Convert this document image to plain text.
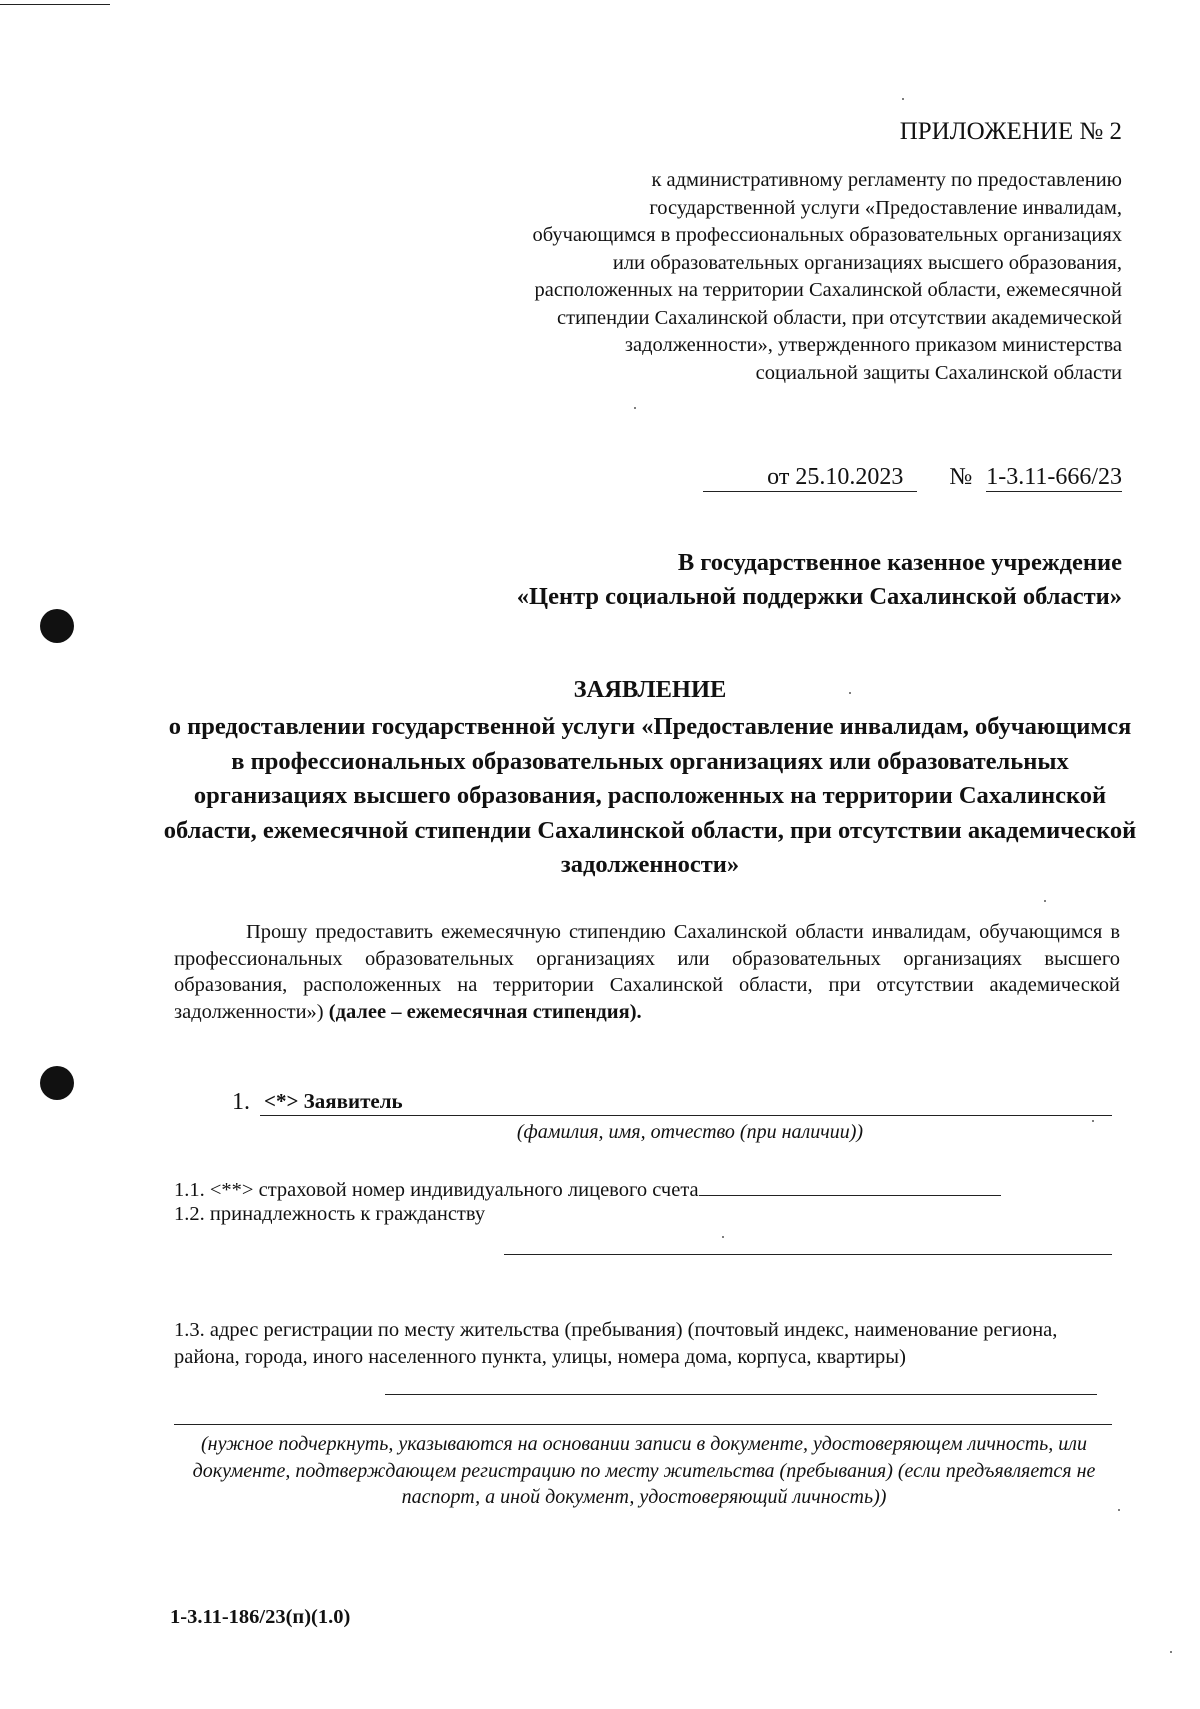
ПРИЛОЖЕНИЕ № 2
к административному регламенту по предоставлению государственной услуги «Предоставление инвалидам, обучающимся в профессиональных образовательных организациях или образовательных организациях высшего образования, расположенных на территории Сахалинской области, ежемесячной стипендии Сахалинской области, при отсутствии академической задолженности», утвержденного приказом министерства социальной защиты Сахалинской области
от 25.10.2023 № 1-3.11-666/23
В государственное казенное учреждение
«Центр социальной поддержки Сахалинской области»
ЗАЯВЛЕНИЕ
о предоставлении государственной услуги «Предоставление инвалидам, обучающимся в профессиональных образовательных организациях или образовательных организациях высшего образования, расположенных на территории Сахалинской области, ежемесячной стипендии Сахалинской области, при отсутствии академической задолженности»
Прошу предоставить ежемесячную стипендию Сахалинской области инвалидам, обучающимся в профессиональных образовательных организациях или образовательных организациях высшего образования, расположенных на территории Сахалинской области, при отсутствии академической задолженности») (далее – ежемесячная стипендия).
1. <*> Заявитель
(фамилия, имя, отчество (при наличии))
1.1. <**> страховой номер индивидуального лицевого счета
1.2. принадлежность к гражданству
1.3. адрес регистрации по месту жительства (пребывания) (почтовый индекс, наименование региона, района, города, иного населенного пункта, улицы, номера дома, корпуса, квартиры)
(нужное подчеркнуть, указываются на основании записи в документе, удостоверяющем личность, или документе, подтверждающем регистрацию по месту жительства (пребывания) (если предъявляется не паспорт, а иной документ, удостоверяющий личность))
1-3.11-186/23(п)(1.0)
